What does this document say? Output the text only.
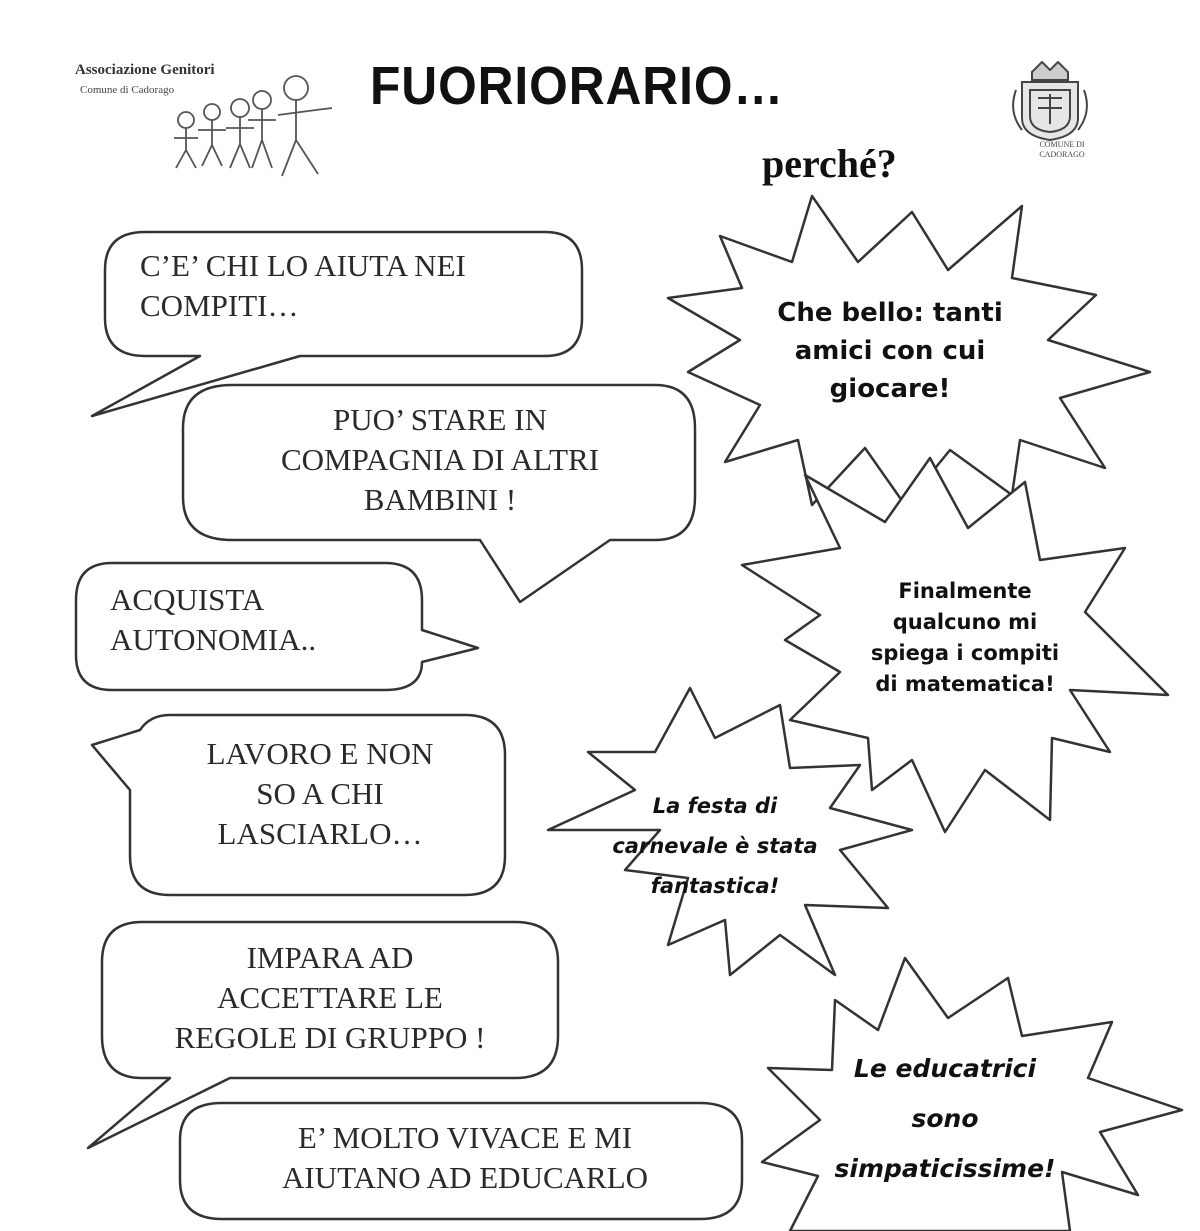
Associazione Genitori
Comune di Cadorago	FUORIORARIO…
perché?	COMUNE DI
CADORAGO
C’E’ CHI LO AIUTA NEI
COMPITI…
PUO’ STARE IN
COMPAGNIA DI ALTRI
BAMBINI !
ACQUISTA
AUTONOMIA..
LAVORO E NON
SO A CHI
LASCIARLO…
IMPARA AD
ACCETTARE LE
REGOLE DI GRUPPO !
E’ MOLTO VIVACE E MI
AIUTANO AD EDUCARLO
Che bello: tanti
amici con cui
giocare!
Finalmente
qualcuno mi
spiega i compiti
di matematica!
La festa di
carnevale è stata
fantastica!
Le educatrici
sono
simpaticissime!
